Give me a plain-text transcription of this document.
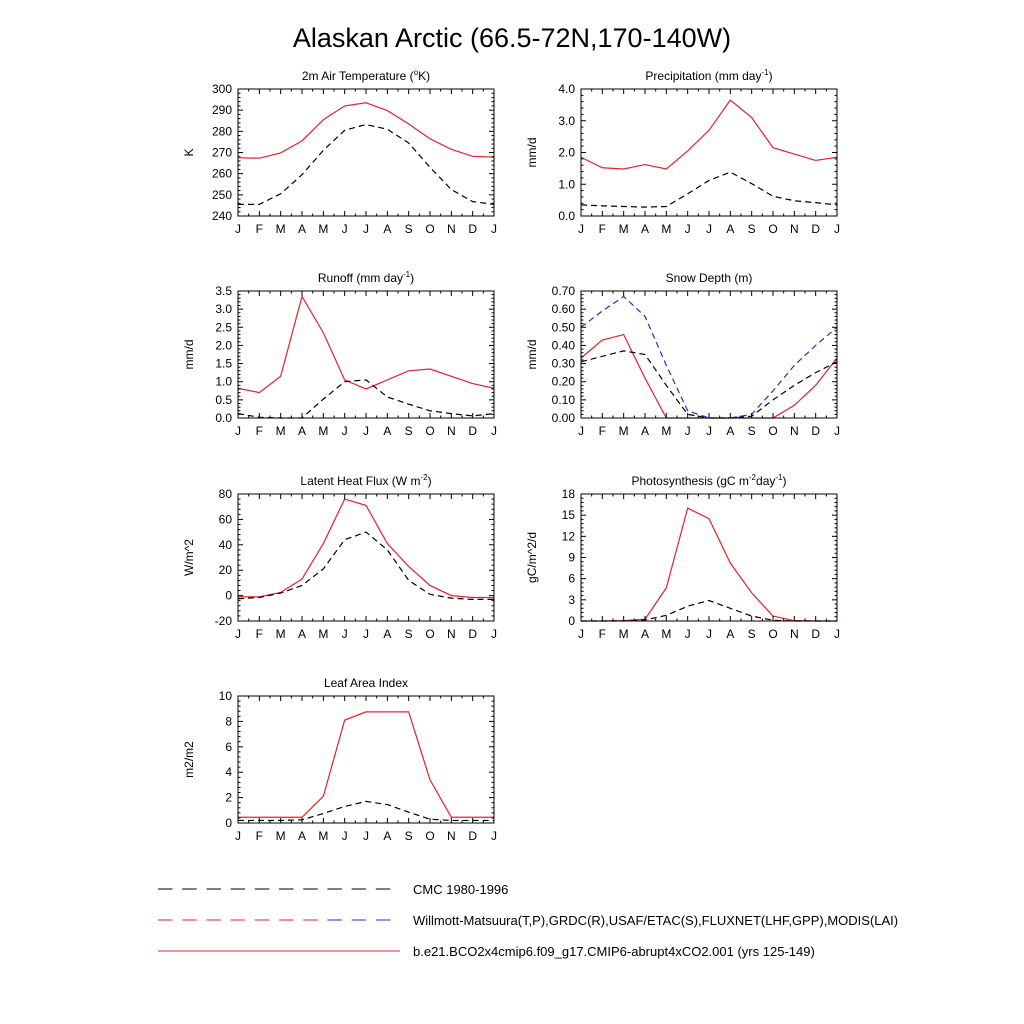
Alaskan Arctic (66.5-72N,170-140W)
2m Air Temperature ($^o$K)
J F M A M J J A S O N D J
240
250
260
270
280
290
300
K
Precipitation (mm day$^{-1}$)
J F M A M J J A S O N D J
0.0
1.0
2.0
3.0
4.0
mm/d
Runoff (mm day$^{-1}$)
J F M A M J J A S O N D J
0.0
0.5
1.0
1.5
2.0
2.5
3.0
3.5
mm/d
Snow Depth (m)
J F M A M J J A S O N D J
0.00
0.10
0.20
0.30
0.40
0.50
0.60
0.70
mm/d
Latent Heat Flux (W $m^{-2}$)
J F M A M J J A S O N D J
-20
0
20
40
60
80
W/m^2
Photosynthesis (gC $m^{-2}day^{-1}$)
J F M A M J J A S O N D J
0
3
6
9
12
15
18
gC/m^2/d
Leaf Area Index
J F M A M J J A S O N D J
0
2
4
6
8
10
m2/m2
CMC 1980-1996
Willmott-Matsuura(T,P),GRDC(R),USAF/ETAC(S),FLUXNET(LHF,GPP),MODIS(LAI)
b.e21.BCO2x4cmip6.f09_g17.CMIP6-abrupt4xCO2.001 (yrs 125-149)
